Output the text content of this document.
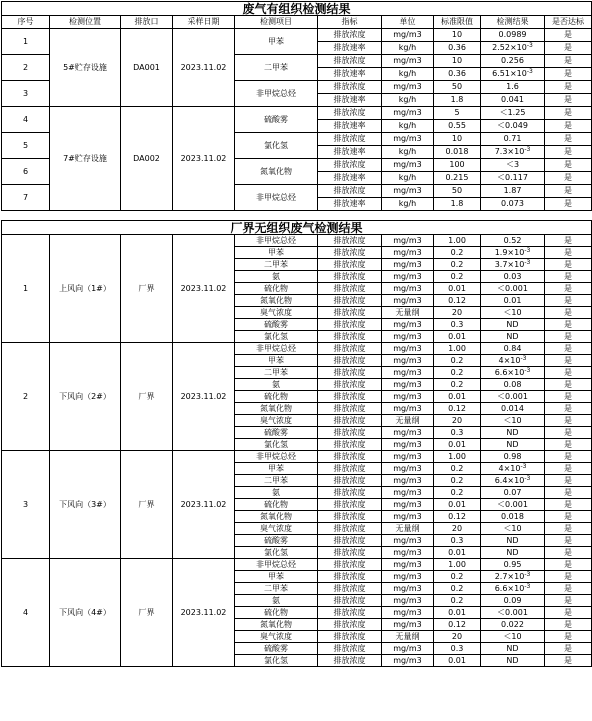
废气有组织检测结果									
序号	检测位置	排放口	采样日期	检测项目	指标	单位	标准限值	检测结果	是否达标
1	5#贮存设施	DA001	2023.11.02	甲苯	排放浓度	mg/m3	10	0.0989	是
					排放速率	kg/h	0.36	$2.52\times 10^{-3}$	是
2				二甲苯	排放浓度	mg/m3	10	0.256	是
					排放速率	kg/h	0.36	$6.51\times 10^{-3}$	是
3				非甲烷总烃	排放浓度	mg/m3	50	1.6	是
					排放速率	kg/h	1.8	0.041	是
4	7#贮存设施	DA002	2023.11.02	硫酸雾	排放浓度	mg/m3	5	＜1.25	是
					排放速率	kg/h	0.55	＜0.049	是
5				氯化氢	排放浓度	mg/m3	10	0.71	是
					排放速率	kg/h	0.018	$7.3\times 10^{-3}$	是
6				氮氧化物	排放浓度	mg/m3	100	＜3	是
					排放速率	kg/h	0.215	＜0.117	是
7				非甲烷总烃	排放浓度	mg/m3	50	1.87	是
					排放速率	kg/h	1.8	0.073	是
厂界无组织废气检测结果									
1	上风向（1#）	厂界	2023.11.02	非甲烷总烃	排放浓度	mg/m3	1.00	0.52	是
				甲苯	排放浓度	mg/m3	0.2	$1.9\times 10^{-3}$	是
				二甲苯	排放浓度	mg/m3	0.2	$3.7\times 10^{-3}$	是
				氨	排放浓度	mg/m3	0.2	0.03	是
				硫化物	排放浓度	mg/m3	0.01	＜0.001	是
				氮氧化物	排放浓度	mg/m3	0.12	0.01	是
				臭气浓度	排放浓度	无量纲	20	＜10	是
				硫酸雾	排放浓度	mg/m3	0.3	ND	是
				氯化氢	排放浓度	mg/m3	0.01	ND	是
2	下风向（2#）	厂界	2023.11.02	非甲烷总烃	排放浓度	mg/m3	1.00	0.84	是
				甲苯	排放浓度	mg/m3	0.2	$4\times 10^{-3}$	是
				二甲苯	排放浓度	mg/m3	0.2	$6.6\times 10^{-3}$	是
				氨	排放浓度	mg/m3	0.2	0.08	是
				硫化物	排放浓度	mg/m3	0.01	＜0.001	是
				氮氧化物	排放浓度	mg/m3	0.12	0.014	是
				臭气浓度	排放浓度	无量纲	20	＜10	是
				硫酸雾	排放浓度	mg/m3	0.3	ND	是
				氯化氢	排放浓度	mg/m3	0.01	ND	是
3	下风向（3#）	厂界	2023.11.02	非甲烷总烃	排放浓度	mg/m3	1.00	0.98	是
				甲苯	排放浓度	mg/m3	0.2	$4\times 10^{-3}$	是
				二甲苯	排放浓度	mg/m3	0.2	$6.4\times 10^{-3}$	是
				氨	排放浓度	mg/m3	0.2	0.07	是
				硫化物	排放浓度	mg/m3	0.01	＜0.001	是
				氮氧化物	排放浓度	mg/m3	0.12	0.018	是
				臭气浓度	排放浓度	无量纲	20	＜10	是
				硫酸雾	排放浓度	mg/m3	0.3	ND	是
				氯化氢	排放浓度	mg/m3	0.01	ND	是
4	下风向（4#）	厂界	2023.11.02	非甲烷总烃	排放浓度	mg/m3	1.00	0.95	是
				甲苯	排放浓度	mg/m3	0.2	$2.7\times 10^{-3}$	是
				二甲苯	排放浓度	mg/m3	0.2	$6.6\times 10^{-3}$	是
				氨	排放浓度	mg/m3	0.2	0.09	是
				硫化物	排放浓度	mg/m3	0.01	＜0.001	是
				氮氧化物	排放浓度	mg/m3	0.12	0.022	是
				臭气浓度	排放浓度	无量纲	20	＜10	是
				硫酸雾	排放浓度	mg/m3	0.3	ND	是
				氯化氢	排放浓度	mg/m3	0.01	ND	是
